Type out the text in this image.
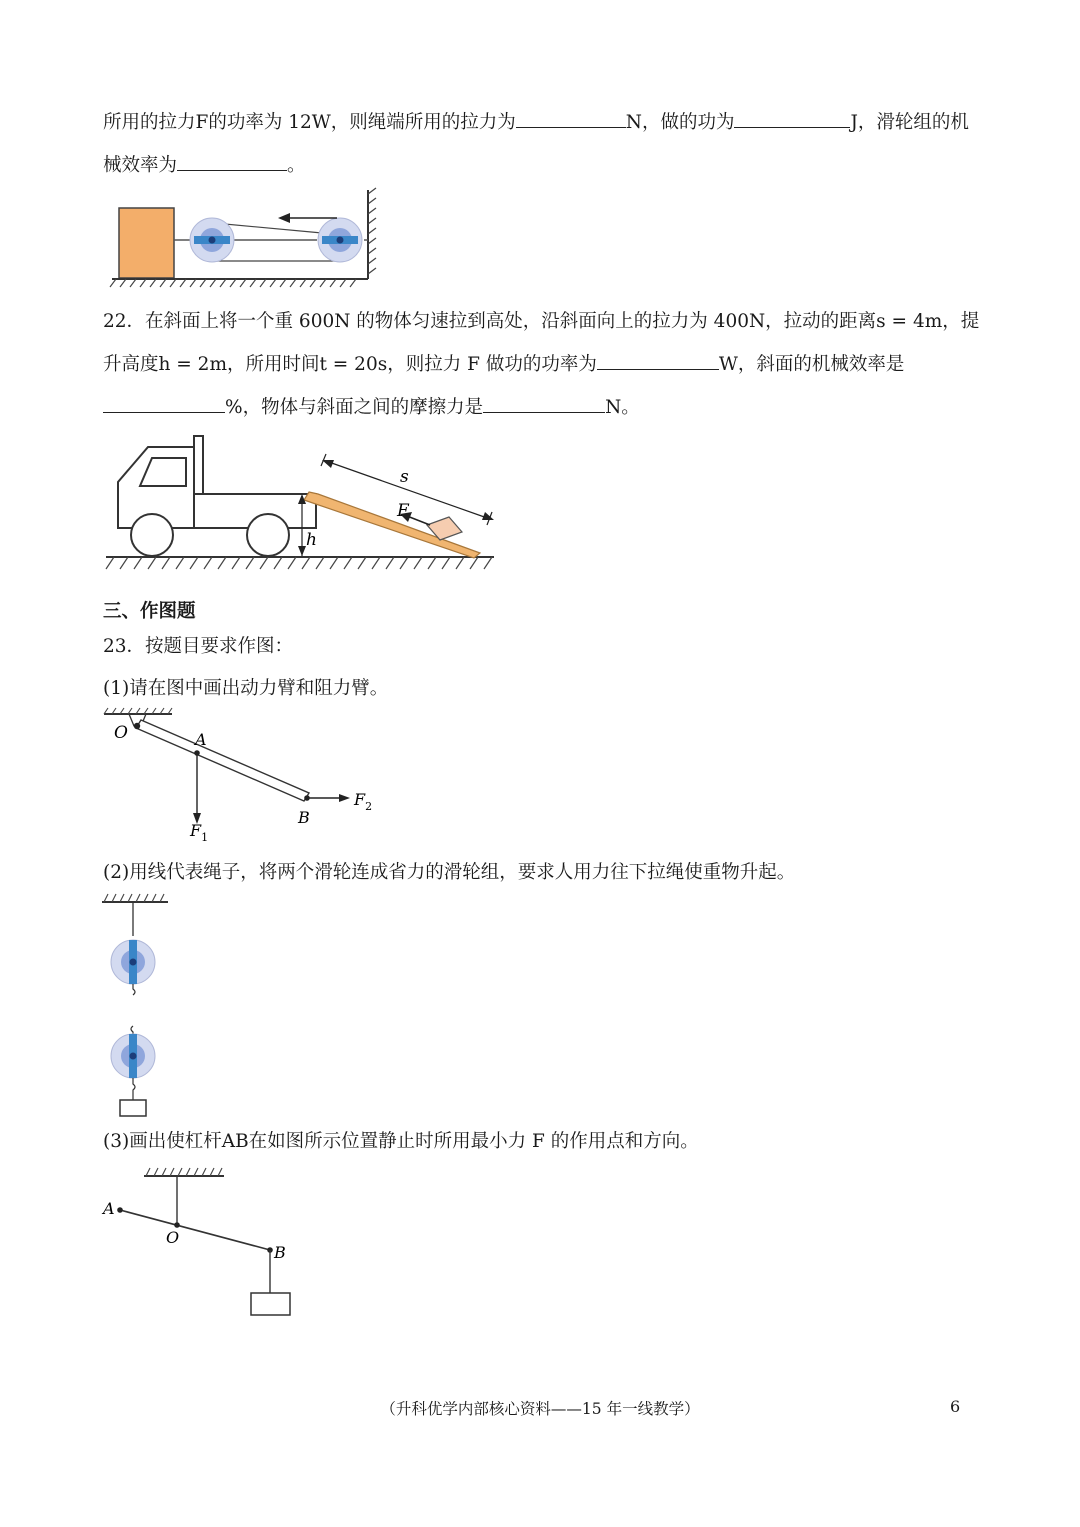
所用的拉力F的功率为 12W，则绳端所用的拉力为	N，做的功为	J，滑轮组的机
械效率为	。
22．在斜面上将一个重 600N 的物体匀速拉到高处，沿斜面向上的拉力为 400N，拉动的距离s = 4m，提
升高度h = 2m，所用时间t = 20s，则拉力 F 做功的功率为	W，斜面的机械效率是
%，物体与斜面之间的摩擦力是	N。
s
F
h
三、作图题
23．按题目要求作图：
(1)请在图中画出动力臂和阻力臂。
O	A
B
$F_1$
$F_2$
(2)用线代表绳子，将两个滑轮连成省力的滑轮组，要求人用力往下拉绳使重物升起。
(3)画出使杠杆AB在如图所示位置静止时所用最小力 F 的作用点和方向。
A
O
B
（升科优学内部核心资料——15 年一线教学）	6
